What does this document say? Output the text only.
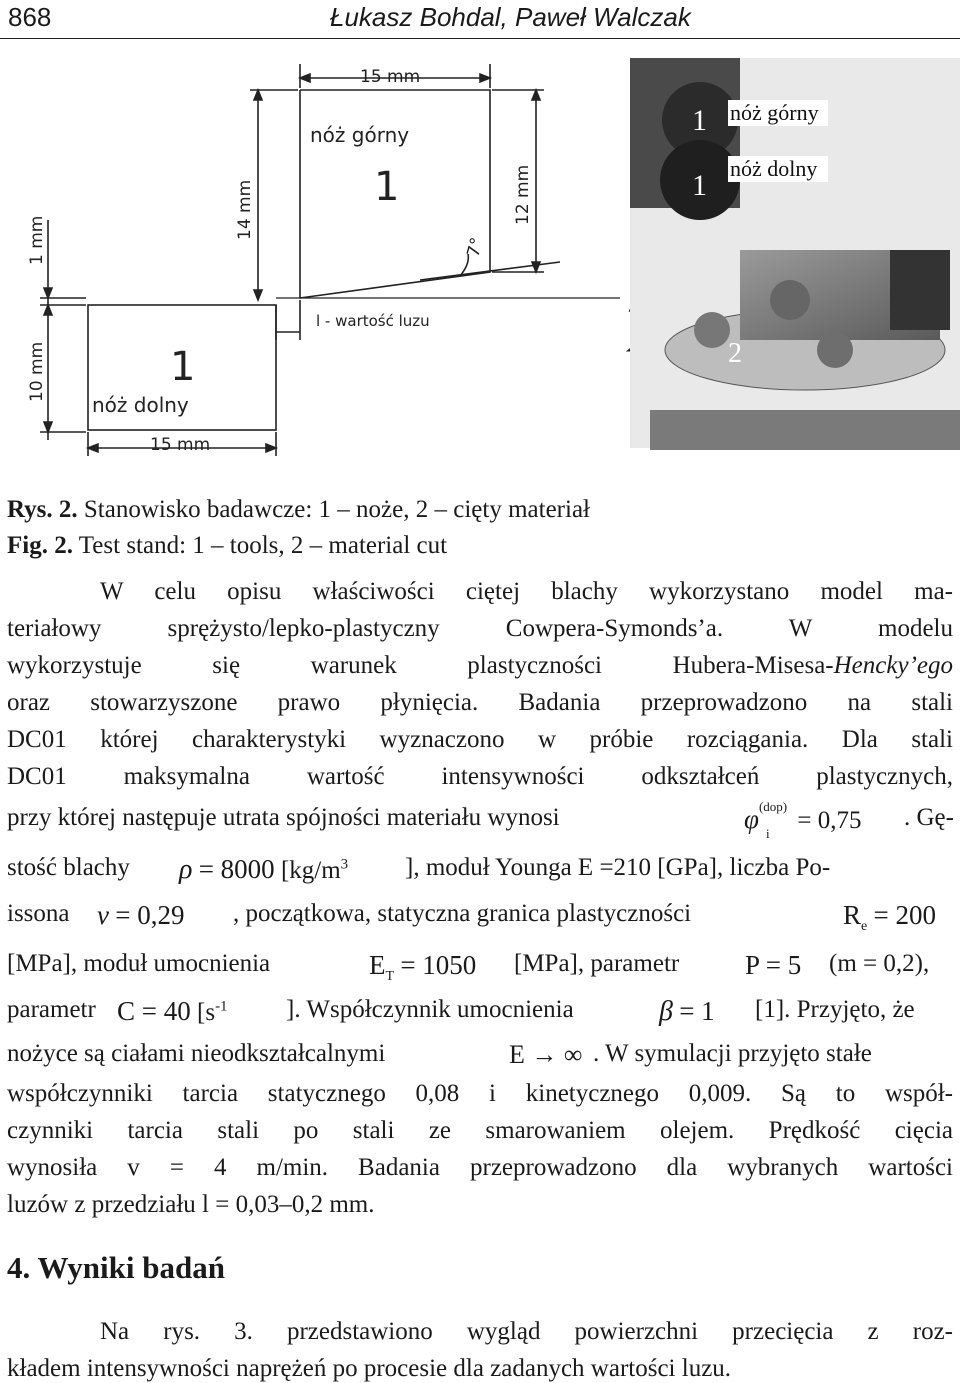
868	Łukasz Bohdal, Paweł Walczak
15 mm
nóż górny
1
14 mm	12 mm
7°
1 mm
10 mm
l - wartość luzu
1
nóż dolny
15 mm
1
1
2
nóż górny
nóż dolny
Rys. 2. Stanowisko badawcze: 1 – noże, 2 – cięty materiał
Fig. 2. Test stand: 1 – tools, 2 – material cut
W celu opisu właściwości ciętej blachy wykorzystano model ma-
teriałowy sprężysto/lepko-plastyczny Cowpera-Symonds’a. W modelu
wykorzystuje się warunek plastyczności Hubera-Misesa-Hencky’ego
oraz stowarzyszone prawo płynięcia. Badania przeprowadzono na stali
DC01 której charakterystyki wyznaczono w próbie rozciągania. Dla stali
DC01 maksymalna wartość intensywności odkształceń plastycznych,
przy której następuje utrata spójności materiału wynosi	$\varphi^{(dop)}$
i = 0,75 . Gę-
stość blachy ρ = 8000 [$kg/m^3$ ], moduł Younga E =210 [GPa], liczba Po-
issona ν = 0,29 , początkowa, statyczna granica plastyczności	$R_e = 200$
[MPa], moduł umocnienia	$E_T = 1050$ [MPa], parametr P = 5 (m = 0,2),
parametr C = 40 [$s^{-1}$ ]. Współczynnik umocnienia	β = 1 [1]. Przyjęto, że
nożyce są ciałami nieodkształcalnymi	E → ∞ . W symulacji przyjęto stałe
współczynniki tarcia statycznego 0,08 i kinetycznego 0,009. Są to współ-
czynniki tarcia stali po stali ze smarowaniem olejem. Prędkość cięcia
wynosiła v = 4 m/min. Badania przeprowadzono dla wybranych wartości
luzów z przedziału l = 0,03–0,2 mm.
4. Wyniki badań
Na rys. 3. przedstawiono wygląd powierzchni przecięcia z roz-
kładem intensywności naprężeń po procesie dla zadanych wartości luzu.
